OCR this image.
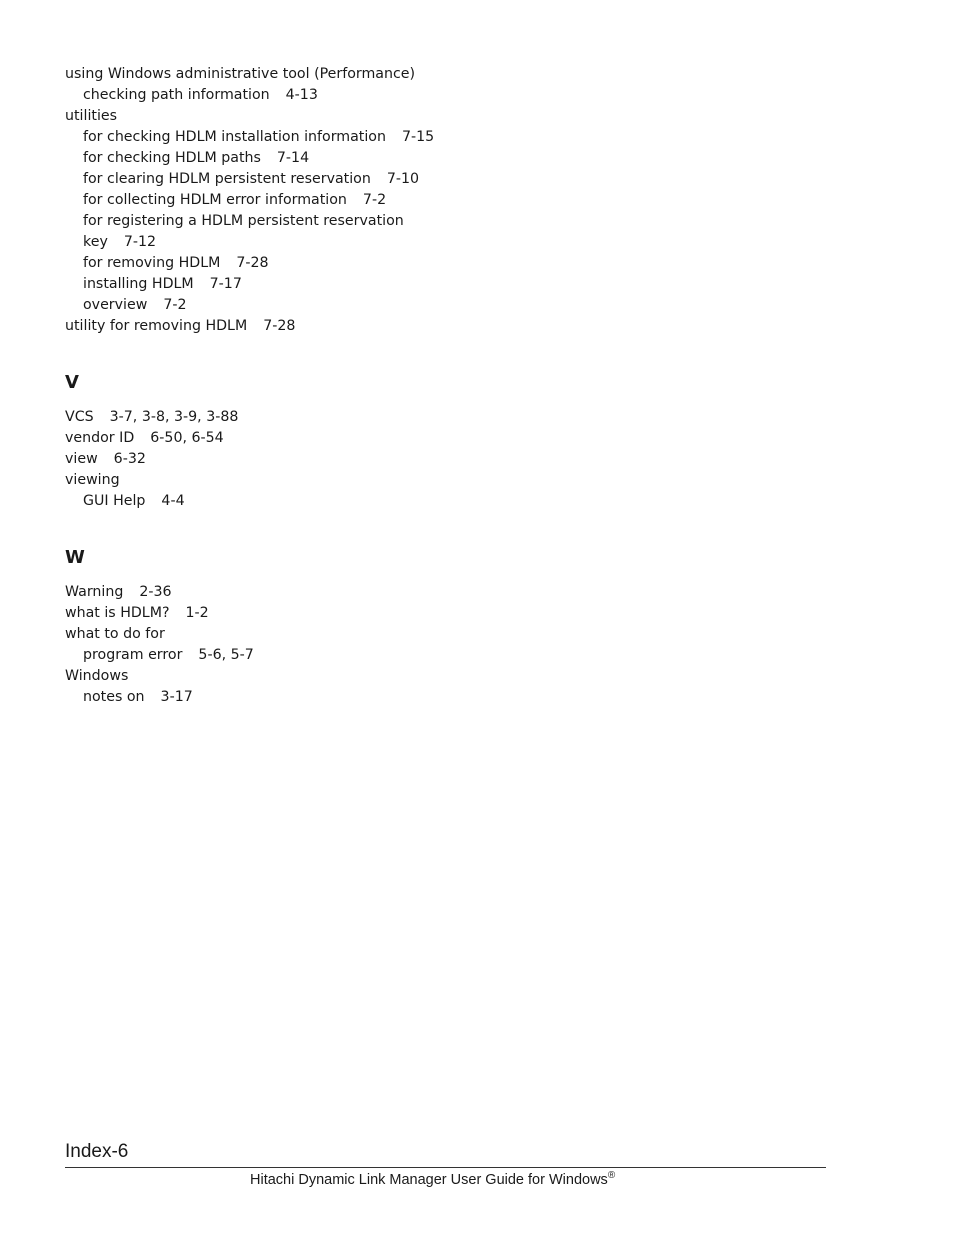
using Windows administrative tool (Performance)
checking path information 4-13
utilities
for checking HDLM installation information 7-15
for checking HDLM paths 7-14
for clearing HDLM persistent reservation 7-10
for collecting HDLM error information 7-2
for registering a HDLM persistent reservation
key 7-12
for removing HDLM 7-28
installing HDLM 7-17
overview 7-2
utility for removing HDLM 7-28
V
VCS 3-7, 3-8, 3-9, 3-88
vendor ID 6-50, 6-54
view 6-32
viewing
GUI Help 4-4
W
Warning 2-36
what is HDLM? 1-2
what to do for
program error 5-6, 5-7
Windows
notes on 3-17
Index-6
Hitachi Dynamic Link Manager User Guide for Windows®
